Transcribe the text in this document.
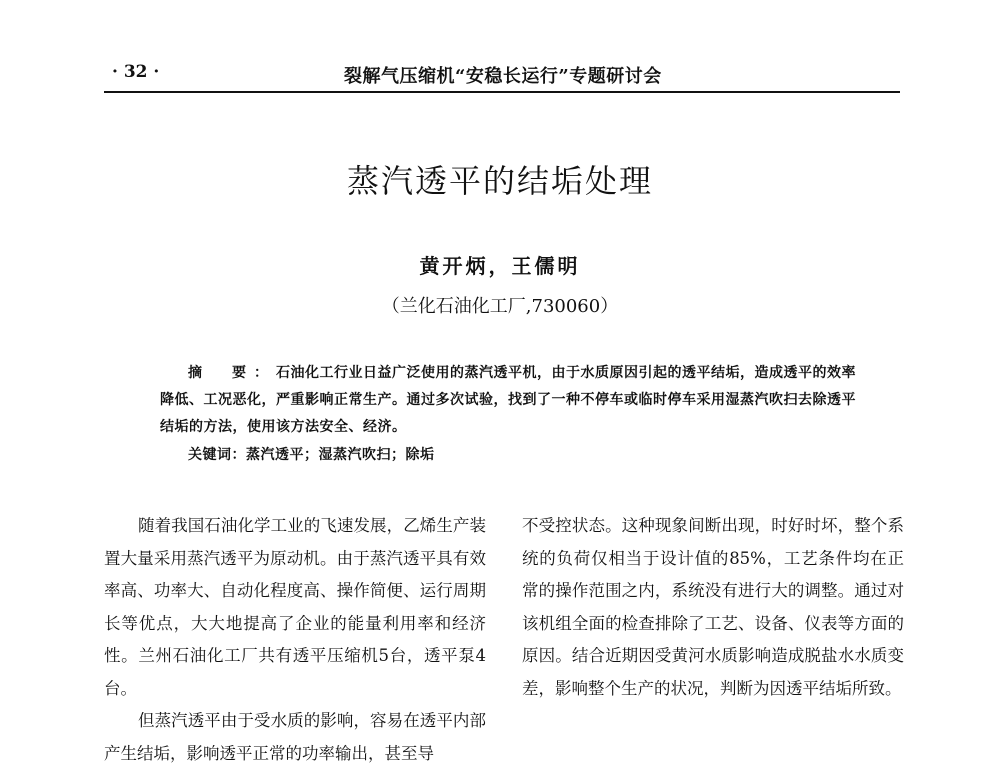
· 32 ·	裂解气压缩机“安稳长运行”专题研讨会
蒸汽透平的结垢处理
黄开炳，王儒明
（兰化石油化工厂,730060）

摘　要：石油化工行业日益广泛使用的蒸汽透平机，由于水质原因引起的透平结垢，造成透平的效率降低、工况恶化，严重影响正常生产。通过多次试验，找到了一种不停车或临时停车采用湿蒸汽吹扫去除透平结垢的方法，使用该方法安全、经济。

关键词：蒸汽透平；湿蒸汽吹扫；除垢

随着我国石油化学工业的飞速发展，乙烯生产装置大量采用蒸汽透平为原动机。由于蒸汽透平具有效率高、功率大、自动化程度高、操作简便、运行周期长等优点，大大地提高了企业的能量利用率和经济性。兰州石油化工厂共有透平压缩机5台，透平泵4台。

但蒸汽透平由于受水质的影响，容易在透平内部产生结垢，影响透平正常的功率输出，甚至导

不受控状态。这种现象间断出现，时好时坏，整个系统的负荷仅相当于设计值的85%，工艺条件均在正常的操作范围之内，系统没有进行大的调整。通过对该机组全面的检查排除了工艺、设备、仪表等方面的原因。结合近期因受黄河水质影响造成脱盐水水质变差，影响整个生产的状况，判断为因透平结垢所致。
